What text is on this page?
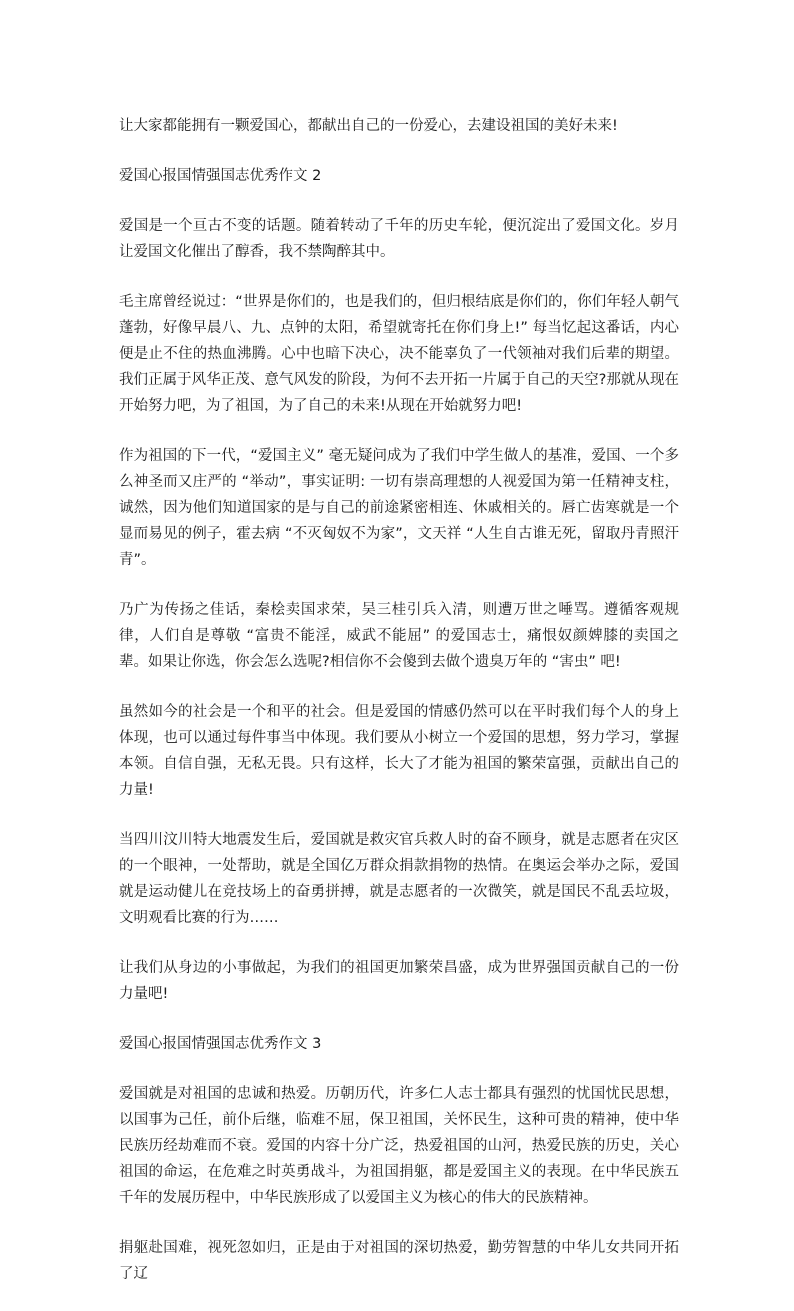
让大家都能拥有一颗爱国心，都献出自己的一份爱心，去建设祖国的美好未来!

爱国心报国情强国志优秀作文 2

爱国是一个亘古不变的话题。随着转动了千年的历史车轮，便沉淀出了爱国文化。岁月让爱国文化催出了醇香，我不禁陶醉其中。

毛主席曾经说过：“世界是你们的，也是我们的，但归根结底是你们的，你们年轻人朝气蓬勃，好像早晨八、九、点钟的太阳，希望就寄托在你们身上!” 每当忆起这番话，内心便是止不住的热血沸腾。心中也暗下决心，决不能辜负了一代领袖对我们后辈的期望。我们正属于风华正茂、意气风发的阶段，为何不去开拓一片属于自己的天空?那就从现在开始努力吧，为了祖国，为了自己的未来!从现在开始就努力吧!

作为祖国的下一代，“爱国主义” 毫无疑问成为了我们中学生做人的基准，爱国、一个多么神圣而又庄严的 “举动”，事实证明: 一切有崇高理想的人视爱国为第一任精神支柱，诚然，因为他们知道国家的是与自己的前途紧密相连、休戚相关的。唇亡齿寒就是一个显而易见的例子，霍去病 “不灭匈奴不为家”，文天祥 “人生自古谁无死，留取丹青照汗青”。

乃广为传扬之佳话，秦桧卖国求荣，吴三桂引兵入清，则遭万世之唾骂。遵循客观规律，人们自是尊敬 “富贵不能淫，威武不能屈” 的爱国志士，痛恨奴颜婢膝的卖国之辈。如果让你选，你会怎么选呢?相信你不会傻到去做个遗臭万年的 “害虫” 吧!

虽然如今的社会是一个和平的社会。但是爱国的情感仍然可以在平时我们每个人的身上体现，也可以通过每件事当中体现。我们要从小树立一个爱国的思想，努力学习，掌握本领。自信自强，无私无畏。只有这样，长大了才能为祖国的繁荣富强，贡献出自己的力量!

当四川汶川特大地震发生后，爱国就是救灾官兵救人时的奋不顾身，就是志愿者在灾区的一个眼神，一处帮助，就是全国亿万群众捐款捐物的热情。在奥运会举办之际，爱国就是运动健儿在竞技场上的奋勇拼搏，就是志愿者的一次微笑，就是国民不乱丢垃圾，文明观看比赛的行为……

让我们从身边的小事做起，为我们的祖国更加繁荣昌盛，成为世界强国贡献自己的一份力量吧!

爱国心报国情强国志优秀作文 3

爱国就是对祖国的忠诚和热爱。历朝历代，许多仁人志士都具有强烈的忧国忧民思想，以国事为己任，前仆后继，临难不屈，保卫祖国，关怀民生，这种可贵的精神，使中华民族历经劫难而不衰。爱国的内容十分广泛，热爱祖国的山河，热爱民族的历史，关心祖国的命运，在危难之时英勇战斗，为祖国捐躯，都是爱国主义的表现。在中华民族五千年的发展历程中，中华民族形成了以爱国主义为核心的伟大的民族精神。

捐躯赴国难，视死忽如归，正是由于对祖国的深切热爱，勤劳智慧的中华儿女共同开拓了辽
